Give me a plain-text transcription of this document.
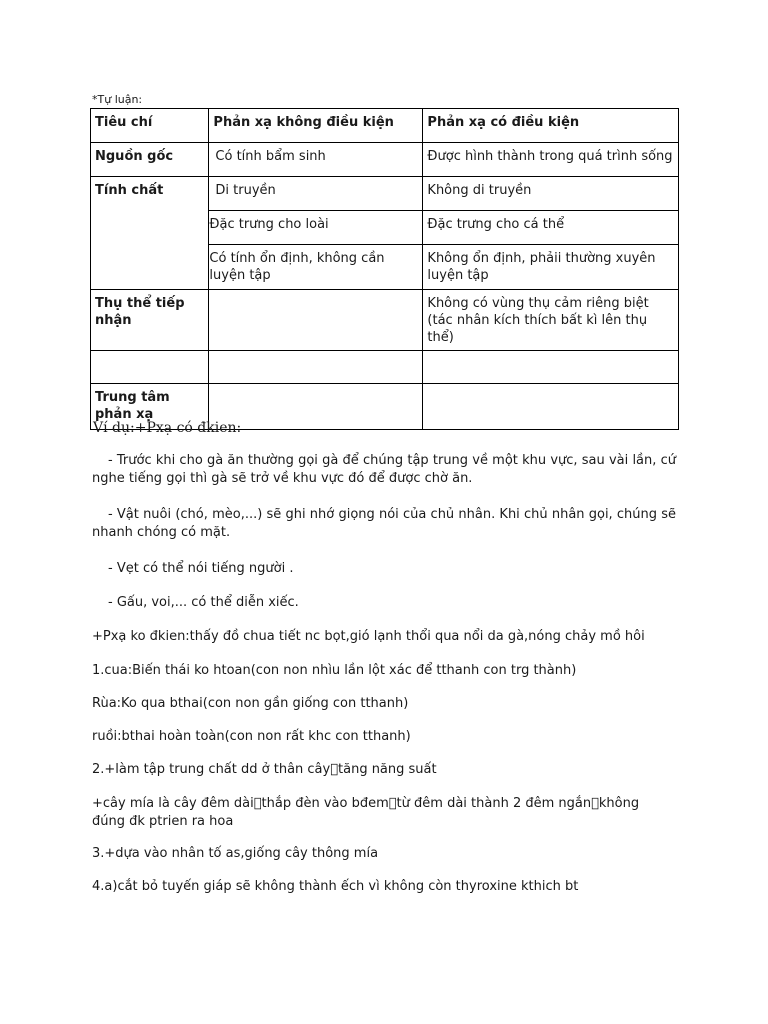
*Tự luận:
Tiêu chí	Phản xạ không điều kiện	Phản xạ có điều kiện
Nguồn gốc	Có tính bẩm sinh	Được hình thành trong quá trình sống
Tính chất	Di truyền	Không di truyền
	Đặc trưng cho loài	Đặc trưng cho cá thể
	Có tính ổn định, không cần luyện tập	Không ổn định, phảii thường xuyên luyện tập
Thụ thể tiếp nhận		Không có vùng thụ cảm riêng biệt (tác nhân kích thích bất kì lên thụ thể)

Trung tâm phản xạ		
Ví dụ:+Pxạ có đkien:
- Trước khi cho gà ăn thường gọi gà để chúng tập trung về một khu vực, sau vài lần, cứ nghe tiếng gọi thì gà sẽ trở về khu vực đó để được chờ ăn.
- Vật nuôi (chó, mèo,...) sẽ ghi nhớ giọng nói của chủ nhân. Khi chủ nhân gọi, chúng sẽ nhanh chóng có mặt.
- Vẹt có thể nói tiếng người .
- Gấu, voi,... có thể diễn xiếc.
+Pxạ ko đkien:thấy đồ chua tiết nc bọt,gió lạnh thổi qua nổi da gà,nóng chảy mồ hôi
1.cua:Biến thái ko htoan(con non nhìu lần lột xác để tthanh con trg thành)
Rùa:Ko qua bthai(con non gần giống con tthanh)
ruồi:bthai hoàn toàn(con non rất khc con tthanh)
2.+làm tập trung chất dd ở thân cây􀃆tăng năng suất
+cây mía là cây đêm dài􀃆thắp đèn vào bđem􀃆từ đêm dài thành 2 đêm ngắn􀃆không đúng đk ptrien ra hoa
3.+dựa vào nhân tố as,giống cây thông mía
4.a)cắt bỏ tuyến giáp sẽ không thành ếch vì không còn thyroxine kthich bt
